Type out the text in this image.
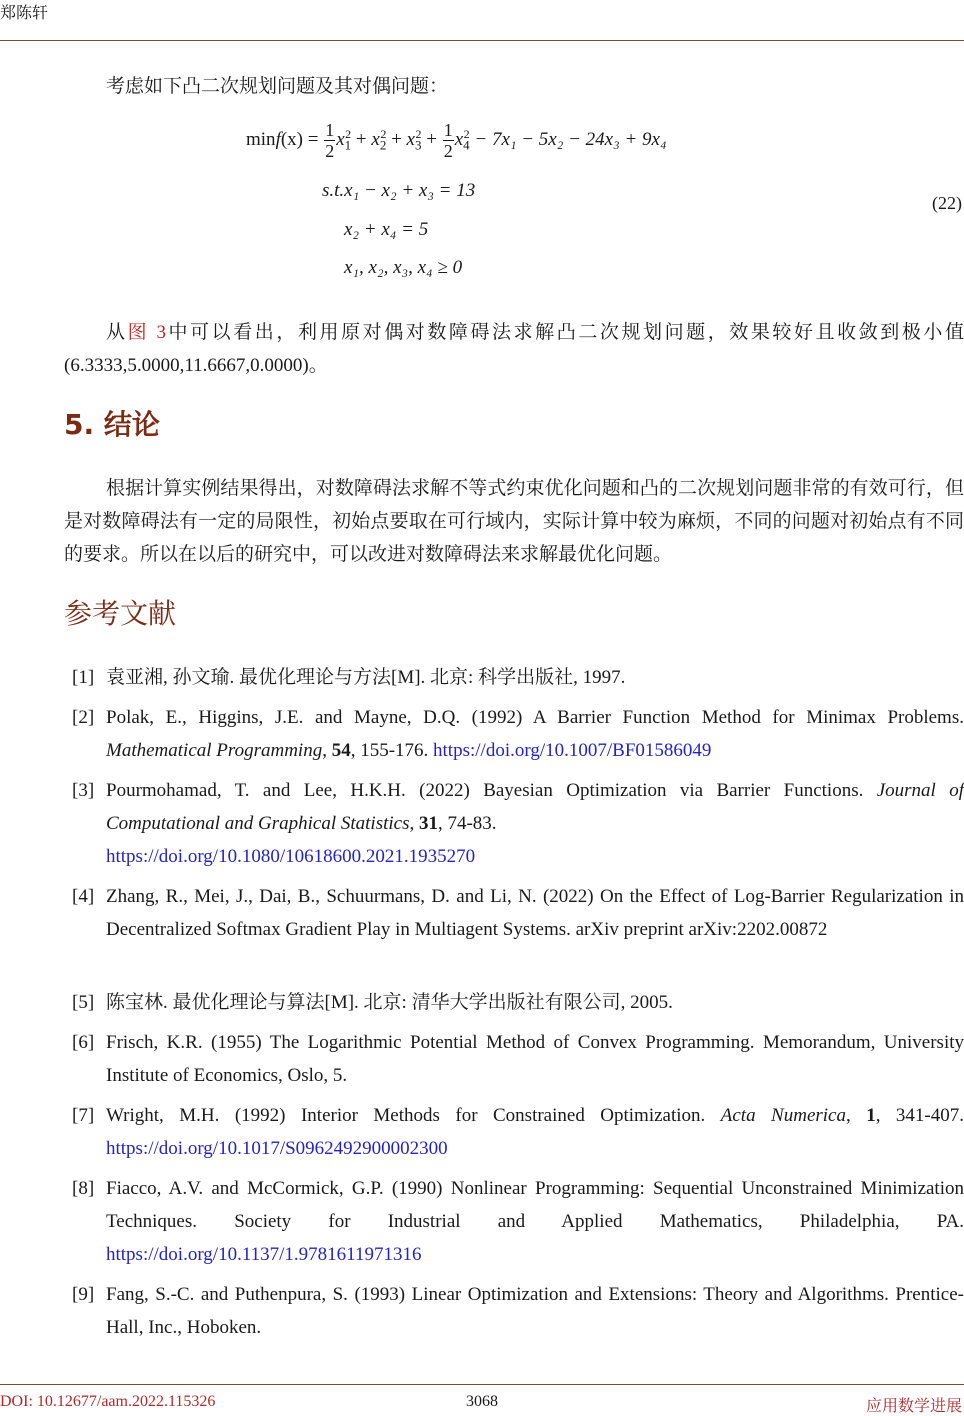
郑陈轩
考虑如下凸二次规划问题及其对偶问题：
$\min f(x) = \frac{1}{2} x_1^2 + x_2^2 + x_3^2 + \frac{1}{2} x_4^2 - 7x_1 - 5x_2 - 24x_3 + 9x_4$
s.t.x₁ − x₂ + x₃ = 13
x₂ + x₄ = 5
x₁, x₂, x₃, x₄ ≥ 0
(22)
从图 3中可以看出，利用原对偶对数障碍法求解凸二次规划问题，效果较好且收敛到极小值(6.3333,5.0000,11.6667,0.0000)。
5. 结论
根据计算实例结果得出，对数障碍法求解不等式约束优化问题和凸的二次规划问题非常的有效可行，但是对数障碍法有一定的局限性，初始点要取在可行域内，实际计算中较为麻烦，不同的问题对初始点有不同的要求。所以在以后的研究中，可以改进对数障碍法来求解最优化问题。
参考文献
[1] 袁亚湘, 孙文瑜. 最优化理论与方法[M]. 北京: 科学出版社, 1997.
[2] Polak, E., Higgins, J.E. and Mayne, D.Q. (1992) A Barrier Function Method for Minimax Problems. Mathematical Programming, 54, 155-176. https://doi.org/10.1007/BF01586049
[3] Pourmohamad, T. and Lee, H.K.H. (2022) Bayesian Optimization via Barrier Functions. Journal of Computational and Graphical Statistics, 31, 74-83.
https://doi.org/10.1080/10618600.2021.1935270
[4] Zhang, R., Mei, J., Dai, B., Schuurmans, D. and Li, N. (2022) On the Effect of Log-Barrier Regularization in Decentralized Softmax Gradient Play in Multiagent Systems. arXiv preprint arXiv:2202.00872
[5] 陈宝林. 最优化理论与算法[M]. 北京: 清华大学出版社有限公司, 2005.
[6] Frisch, K.R. (1955) The Logarithmic Potential Method of Convex Programming. Memorandum, University Institute of Economics, Oslo, 5.
[7] Wright, M.H. (1992) Interior Methods for Constrained Optimization. Acta Numerica, 1, 341-407. https://doi.org/10.1017/S0962492900002300
[8] Fiacco, A.V. and McCormick, G.P. (1990) Nonlinear Programming: Sequential Unconstrained Minimization Techniques. Society for Industrial and Applied Mathematics, Philadelphia, PA. https://doi.org/10.1137/1.9781611971316
[9] Fang, S.-C. and Puthenpura, S. (1993) Linear Optimization and Extensions: Theory and Algorithms. Prentice-Hall, Inc., Hoboken.
DOI: 10.12677/aam.2022.115326	3068	应用数学进展
